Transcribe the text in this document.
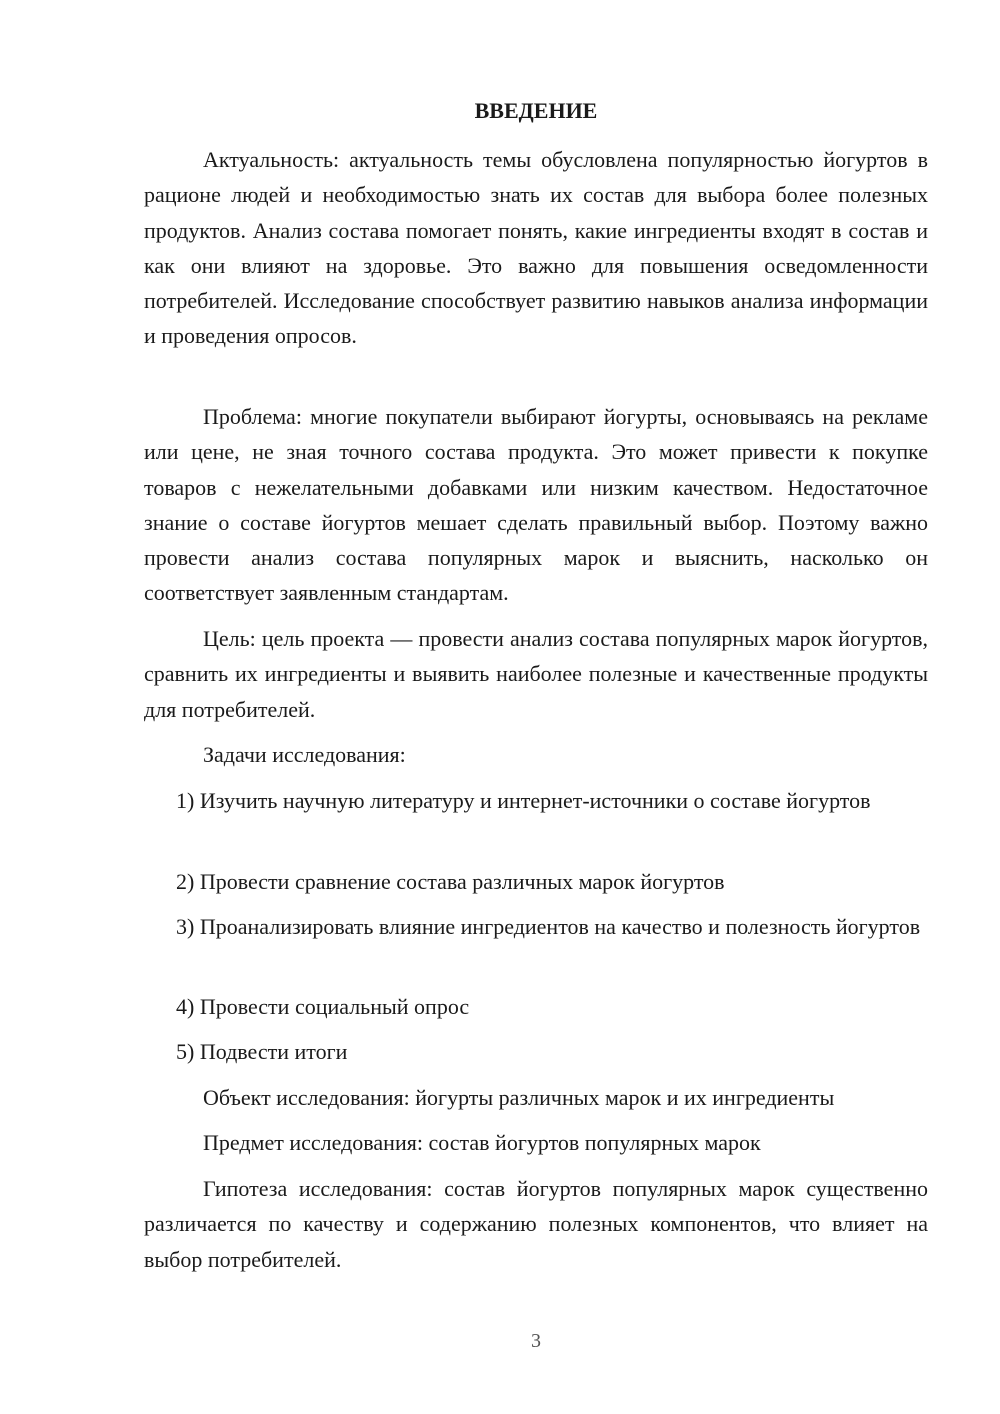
ВВЕДЕНИЕ

Актуальность: актуальность темы обусловлена популярностью йогуртов в рационе людей и необходимостью знать их состав для выбора более полезных продуктов. Анализ состава помогает понять, какие ингредиенты входят в состав и как они влияют на здоровье. Это важно для повышения осведомленности потребителей. Исследование способствует развитию навыков анализа информации и проведения опросов.

Проблема: многие покупатели выбирают йогурты, основываясь на рекламе или цене, не зная точного состава продукта. Это может привести к покупке товаров с нежелательными добавками или низким качеством. Недостаточное знание о составе йогуртов мешает сделать правильный выбор. Поэтому важно провести анализ состава популярных марок и выяснить, насколько он соответствует заявленным стандартам.

Цель: цель проекта — провести анализ состава популярных марок йогуртов, сравнить их ингредиенты и выявить наиболее полезные и качественные продукты для потребителей.

Задачи исследования:

1) Изучить научную литературу и интернет-источники о составе йогуртов

2) Провести сравнение состава различных марок йогуртов

3) Проанализировать влияние ингредиентов на качество и полезность йогуртов

4) Провести социальный опрос

5) Подвести итоги

Объект исследования: йогурты различных марок и их ингредиенты

Предмет исследования: состав йогуртов популярных марок

Гипотеза исследования: состав йогуртов популярных марок существенно различается по качеству и содержанию полезных компонентов, что влияет на выбор потребителей.

3
